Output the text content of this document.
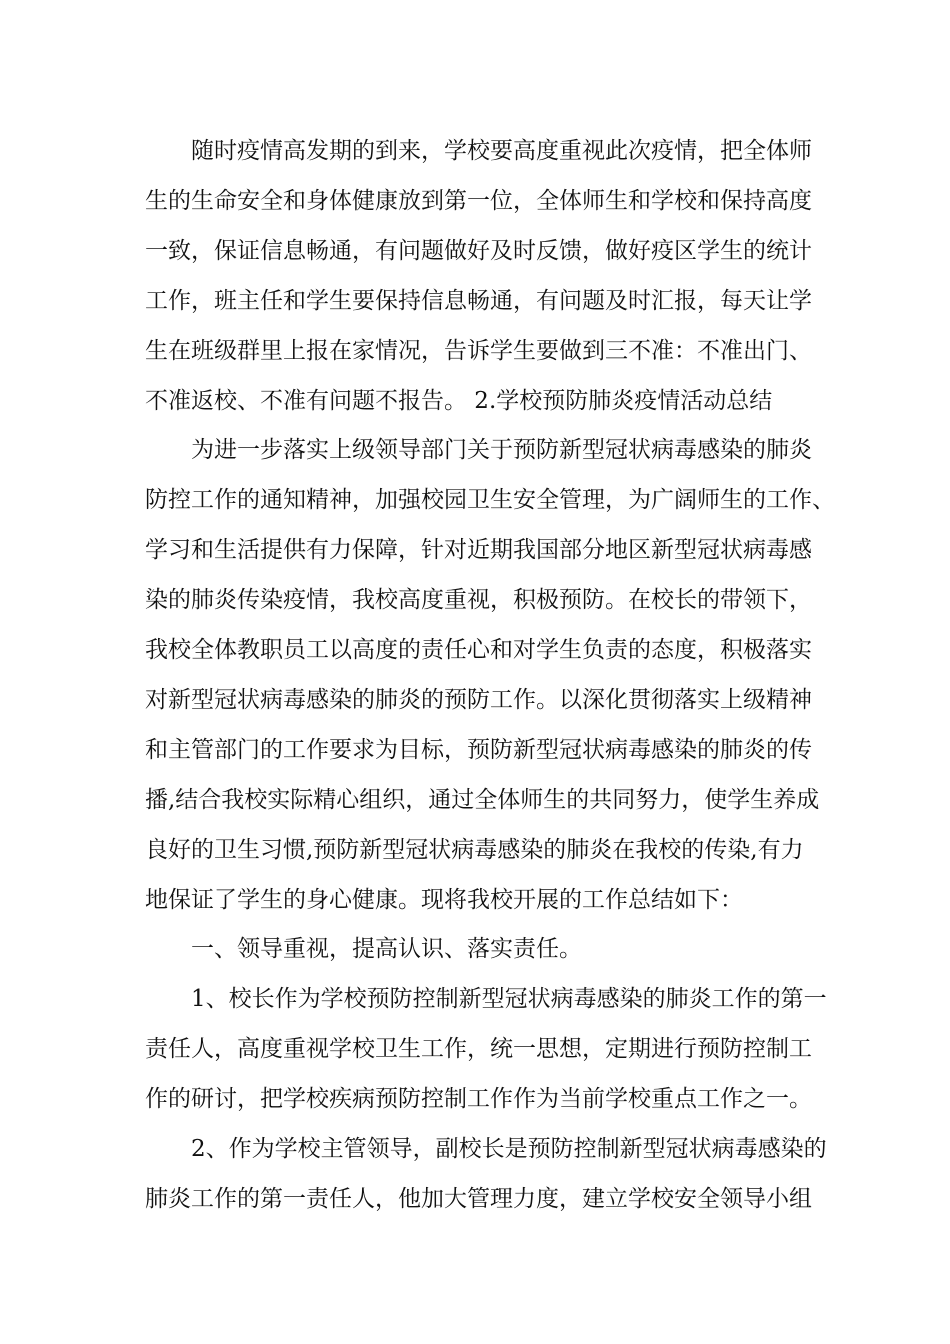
随时疫情高发期的到来，学校要高度重视此次疫情，把全体师
生的生命安全和身体健康放到第一位，全体师生和学校和保持高度
一致，保证信息畅通，有问题做好及时反馈，做好疫区学生的统计
工作，班主任和学生要保持信息畅通，有问题及时汇报，每天让学
生在班级群里上报在家情况，告诉学生要做到三不准：不准出门、
不准返校、不准有问题不报告。 2.学校预防肺炎疫情活动总结
为进一步落实上级领导部门关于预防新型冠状病毒感染的肺炎
防控工作的通知精神，加强校园卫生安全管理，为广阔师生的工作、
学习和生活提供有力保障，针对近期我国部分地区新型冠状病毒感
染的肺炎传染疫情，我校高度重视，积极预防。在校长的带领下，
我校全体教职员工以高度的责任心和对学生负责的态度，积极落实
对新型冠状病毒感染的肺炎的预防工作。以深化贯彻落实上级精神
和主管部门的工作要求为目标，预防新型冠状病毒感染的肺炎的传
播,结合我校实际精心组织，通过全体师生的共同努力，使学生养成
良好的卫生习惯,预防新型冠状病毒感染的肺炎在我校的传染,有力
地保证了学生的身心健康。现将我校开展的工作总结如下：
一、领导重视，提高认识、落实责任。
1、校长作为学校预防控制新型冠状病毒感染的肺炎工作的第一
责任人，高度重视学校卫生工作，统一思想，定期进行预防控制工
作的研讨，把学校疾病预防控制工作作为当前学校重点工作之一。
2、作为学校主管领导，副校长是预防控制新型冠状病毒感染的
肺炎工作的第一责任人，他加大管理力度，建立学校安全领导小组
